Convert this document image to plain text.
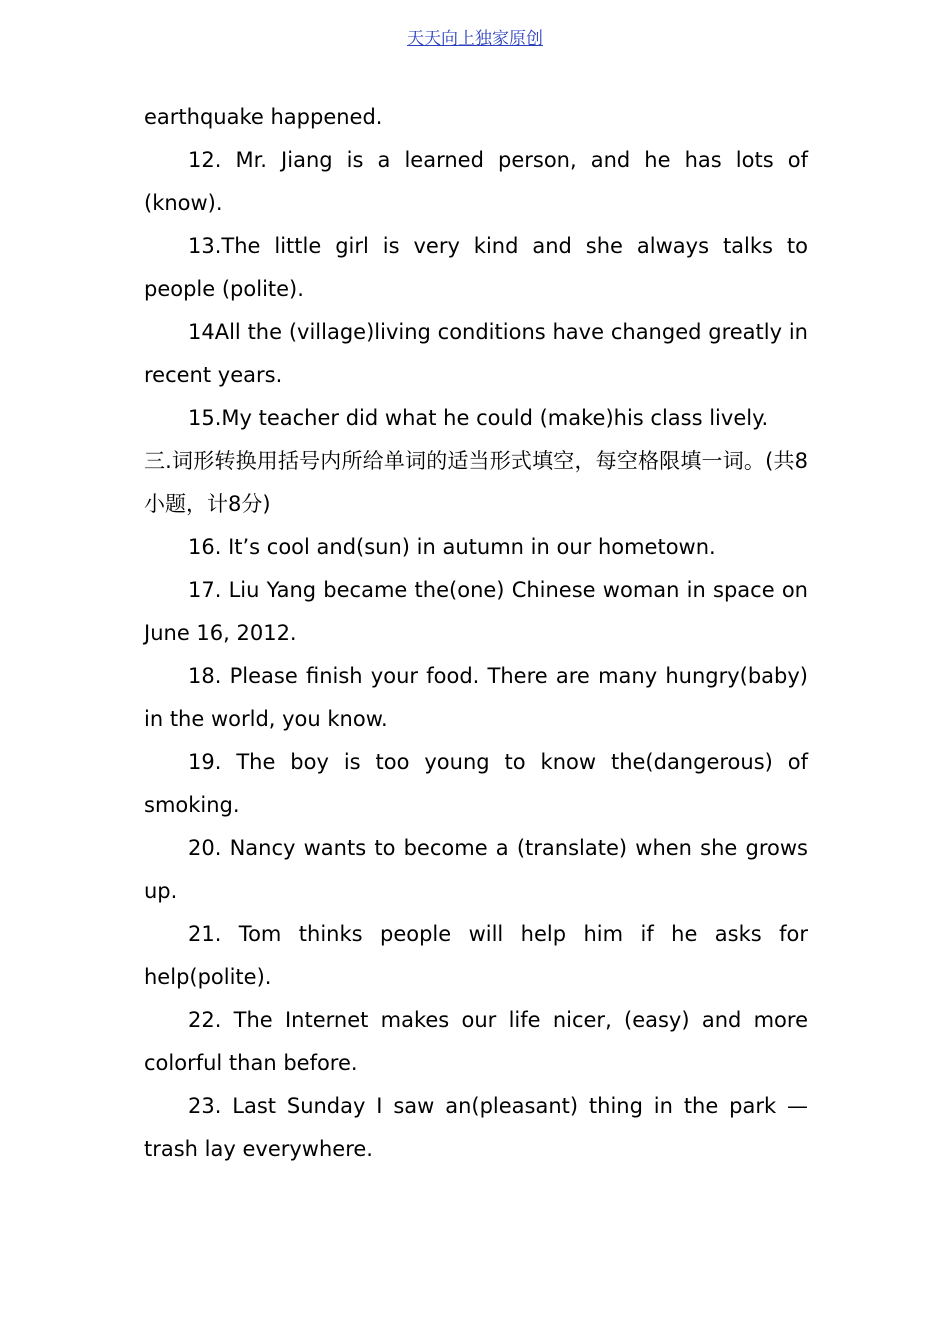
天天向上独家原创

earthquake happened.

12. Mr. Jiang is a learned person, and he has lots of (know).

13.The little girl is very kind and she always talks to people (polite).

14All the (village)living conditions have changed greatly in recent years.

15.My teacher did what he could (make)his class lively.

三.词形转换用括号内所给单词的适当形式填空，每空格限填一词。(共8小题，计8分)

16. It’s cool and(sun) in autumn in our hometown.

17. Liu Yang became the(one) Chinese woman in space on June 16, 2012.

18. Please finish your food. There are many hungry(baby) in the world, you know.

19. The boy is too young to know the(dangerous) of smoking.

20. Nancy wants to become a (translate) when she grows up.

21. Tom thinks people will help him if he asks for help(polite).

22. The Internet makes our life nicer, (easy) and more colorful than before.

23. Last Sunday I saw an(pleasant) thing in the park — trash lay everywhere.
